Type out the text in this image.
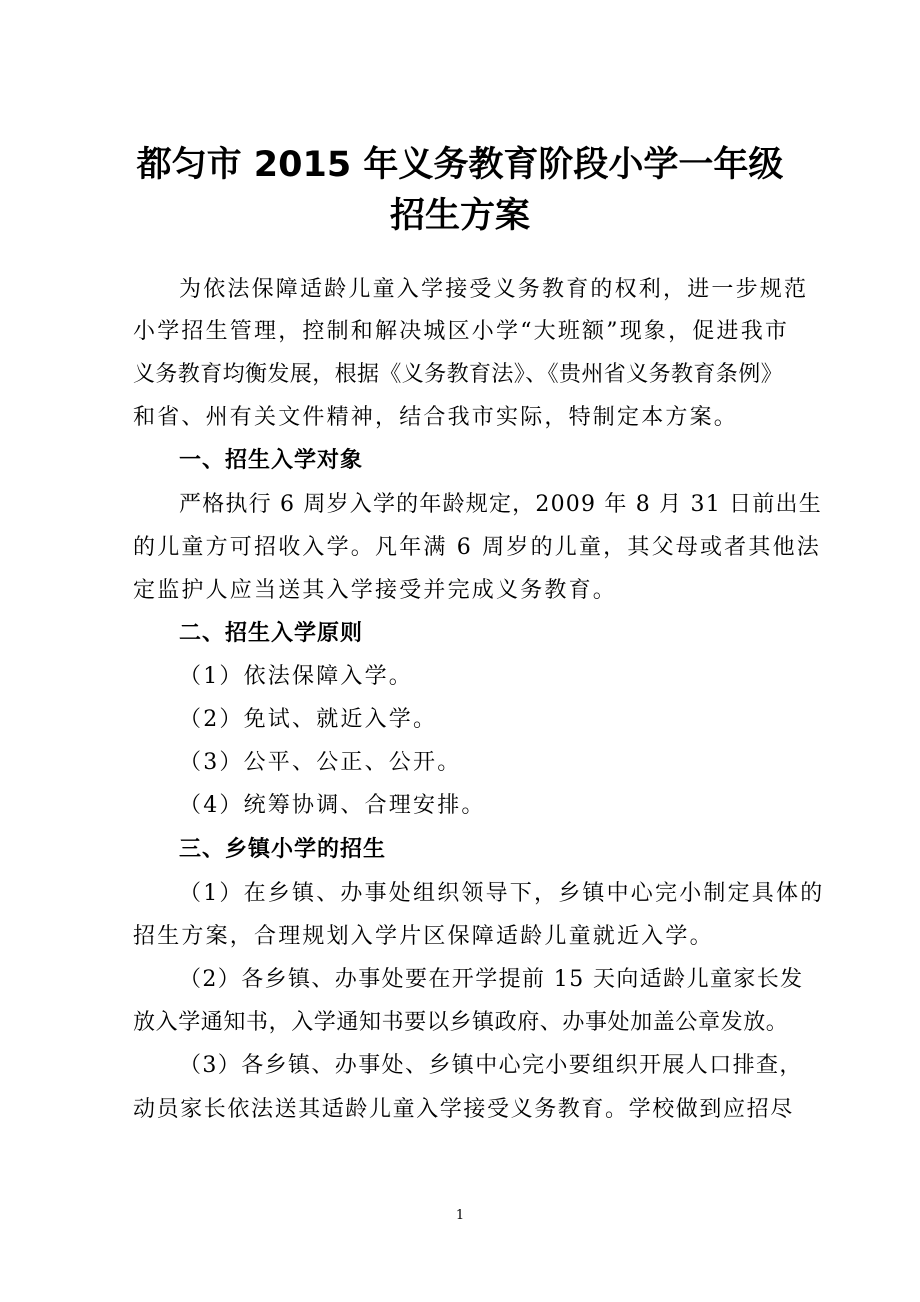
都匀市 2015 年义务教育阶段小学一年级
招生方案
为依法保障适龄儿童入学接受义务教育的权利，进一步规范
小学招生管理，控制和解决城区小学“大班额”现象，促进我市
义务教育均衡发展，根据《义务教育法》、《贵州省义务教育条例》
和省、州有关文件精神，结合我市实际，特制定本方案。
一、招生入学对象
严格执行 6 周岁入学的年龄规定，2009 年 8 月 31 日前出生
的儿童方可招收入学。凡年满 6 周岁的儿童，其父母或者其他法
定监护人应当送其入学接受并完成义务教育。
二、招生入学原则
（1）依法保障入学。
（2）免试、就近入学。
（3）公平、公正、公开。
（4）统筹协调、合理安排。
三、乡镇小学的招生
（1）在乡镇、办事处组织领导下，乡镇中心完小制定具体的
招生方案，合理规划入学片区保障适龄儿童就近入学。
（2）各乡镇、办事处要在开学提前 15 天向适龄儿童家长发
放入学通知书，入学通知书要以乡镇政府、办事处加盖公章发放。
（3）各乡镇、办事处、乡镇中心完小要组织开展人口排查，
动员家长依法送其适龄儿童入学接受义务教育。学校做到应招尽
1
